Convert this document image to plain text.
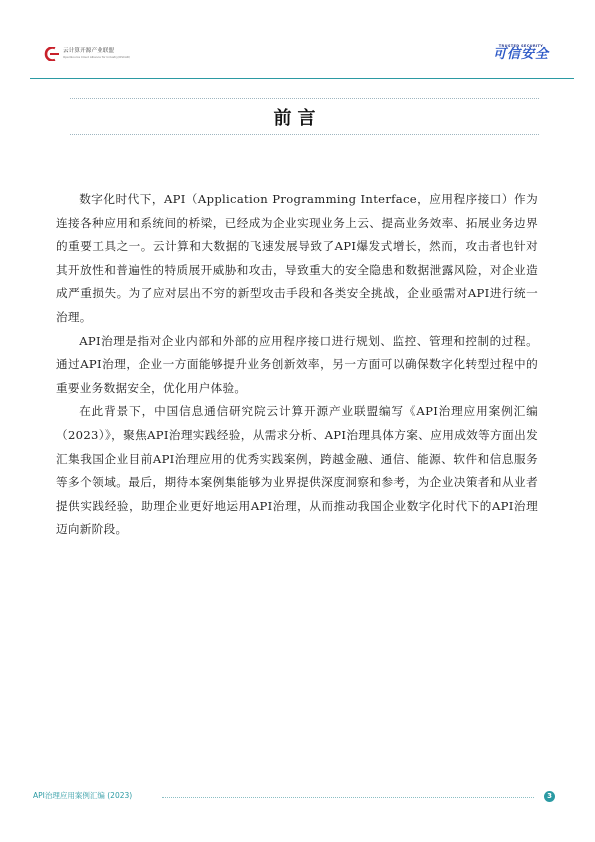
云计算开源产业联盟
OpenSource Cloud Alliance for Industry(OSCAR)
TRUSTED SECURITY
可信安全
前言

数字化时代下，API（Application Programming Interface，应用程序接口）作为连接各种应用和系统间的桥梁，已经成为企业实现业务上云、提高业务效率、拓展业务边界的重要工具之一。云计算和大数据的飞速发展导致了API爆发式增长，然而，攻击者也针对其开放性和普遍性的特质展开威胁和攻击，导致重大的安全隐患和数据泄露风险，对企业造成严重损失。为了应对层出不穷的新型攻击手段和各类安全挑战，企业亟需对API进行统一治理。

API治理是指对企业内部和外部的应用程序接口进行规划、监控、管理和控制的过程。通过API治理，企业一方面能够提升业务创新效率，另一方面可以确保数字化转型过程中的重要业务数据安全，优化用户体验。

在此背景下，中国信息通信研究院云计算开源产业联盟编写《API治理应用案例汇编（2023）》，聚焦API治理实践经验，从需求分析、API治理具体方案、应用成效等方面出发汇集我国企业目前API治理应用的优秀实践案例，跨越金融、通信、能源、软件和信息服务等多个领域。最后，期待本案例集能够为业界提供深度洞察和参考，为企业决策者和从业者提供实践经验，助理企业更好地运用API治理，从而推动我国企业数字化时代下的API治理迈向新阶段。

API治理应用案例汇编 (2023)	3
